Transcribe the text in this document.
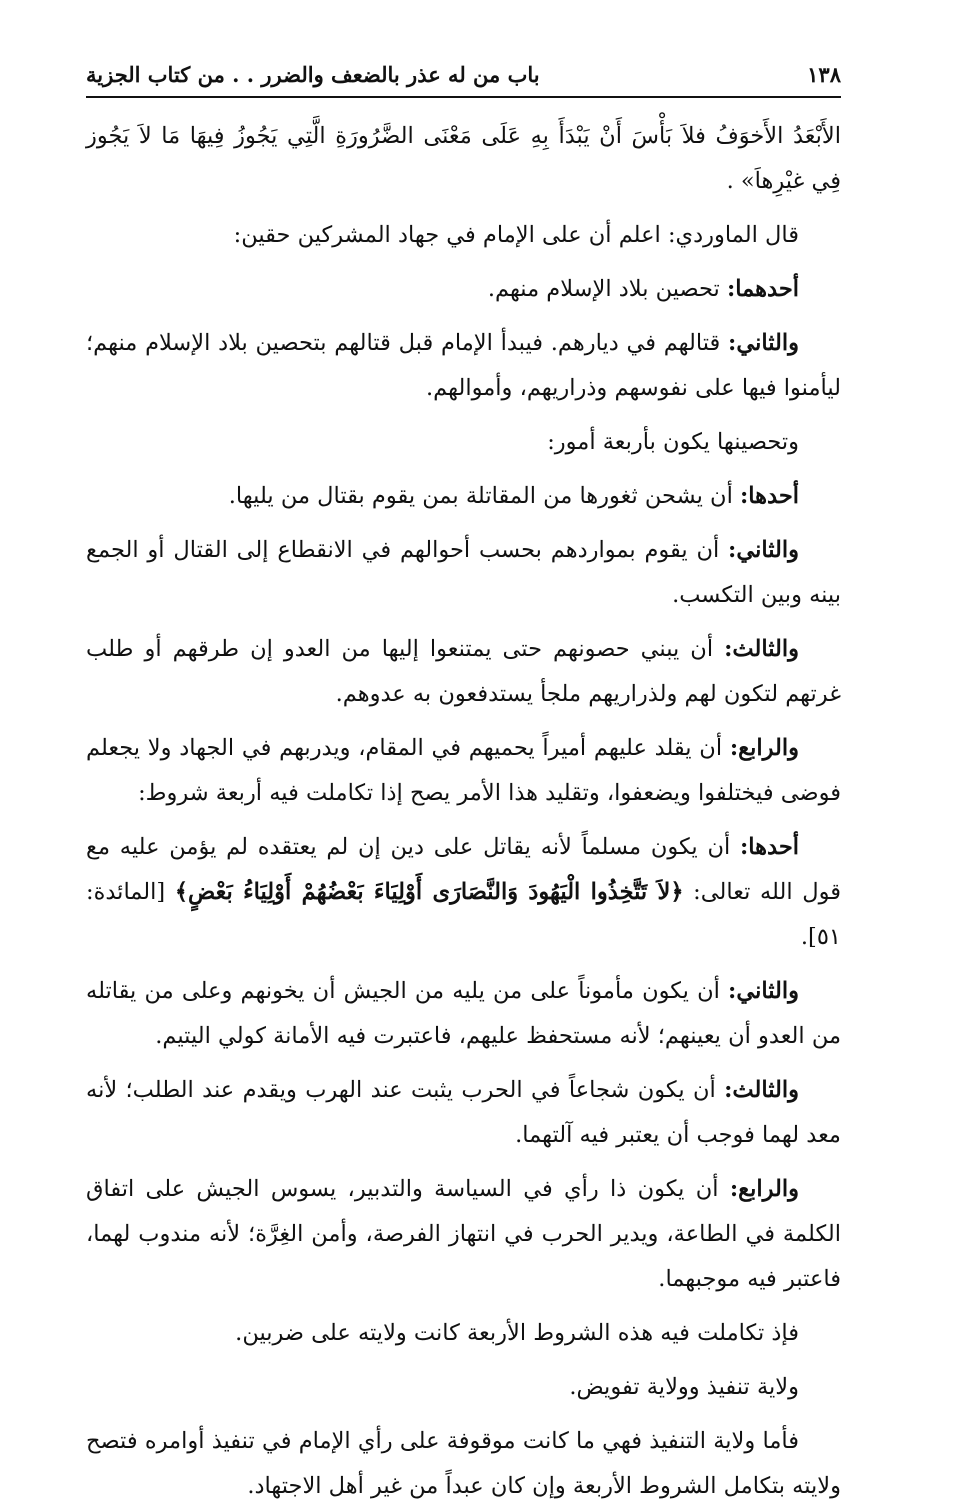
١٣٨
باب من له عذر بالضعف والضرر . . من كتاب الجزية

الأَبْعَدُ الأَخوَفُ فلاَ بَأْسَ أَنْ يَبْدَأَ بِهِ عَلَى مَعْنَى الضَّرُورَةِ الَّتِي يَجُوزُ فِيهَا مَا لاَ يَجُوز فِي غيْرِهاَ» .

قال الماوردي: اعلم أن على الإمام في جهاد المشركين حقين:

أحدهما: تحصين بلاد الإسلام منهم.

والثاني: قتالهم في ديارهم. فيبدأ الإمام قبل قتالهم بتحصين بلاد الإسلام منهم؛ ليأمنوا فيها على نفوسهم وذراريهم، وأموالهم.

وتحصينها يكون بأربعة أمور:

أحدها: أن يشحن ثغورها من المقاتلة بمن يقوم بقتال من يليها.

والثاني: أن يقوم بمواردهم بحسب أحوالهم في الانقطاع إلى القتال أو الجمع بينه وبين التكسب.

والثالث: أن يبني حصونهم حتى يمتنعوا إليها من العدو إن طرقهم أو طلب غرتهم لتكون لهم ولذراريهم ملجأ يستدفعون به عدوهم.

والرابع: أن يقلد عليهم أميراً يحميهم في المقام، ويدربهم في الجهاد ولا يجعلم فوضى فيختلفوا ويضعفوا، وتقليد هذا الأمر يصح إذا تكاملت فيه أربعة شروط:

أحدها: أن يكون مسلماً لأنه يقاتل على دين إن لم يعتقده لم يؤمن عليه مع قول الله تعالى: ﴿لاَ تَتَّخِذُوا الْيَهُودَ وَالنَّصَارَى أَوْلِيَاءَ بَعْضُهُمْ أَوْلِيَاءُ بَعْضٍ﴾ [المائدة: ٥١].

والثاني: أن يكون مأموناً على من يليه من الجيش أن يخونهم وعلى من يقاتله من العدو أن يعينهم؛ لأنه مستحفظ عليهم، فاعتبرت فيه الأمانة كولي اليتيم.

والثالث: أن يكون شجاعاً في الحرب يثبت عند الهرب ويقدم عند الطلب؛ لأنه معد لهما فوجب أن يعتبر فيه آلتهما.

والرابع: أن يكون ذا رأي في السياسة والتدبير، يسوس الجيش على اتفاق الكلمة في الطاعة، ويدير الحرب في انتهاز الفرصة، وأمن الغِرَّة؛ لأنه مندوب لهما، فاعتبر فيه موجبهما.

فإذ تكاملت فيه هذه الشروط الأربعة كانت ولايته على ضربين.

ولاية تنفيذ وولاية تفويض.

فأما ولاية التنفيذ فهي ما كانت موقوفة على رأي الإمام في تنفيذ أوامره فتصح ولايته بتكامل الشروط الأربعة وإن كان عبداً من غير أهل الاجتهاد.
